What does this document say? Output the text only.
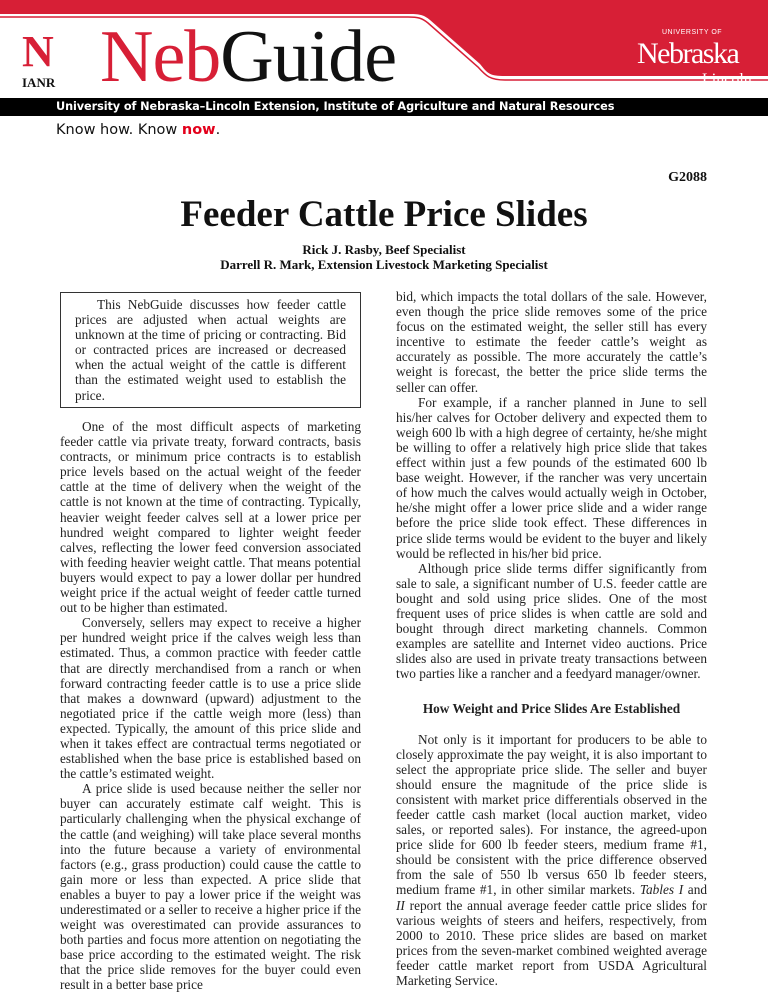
N
IANR NebGuide	UNIVERSITY OF
Nebraska
Lincoln
University of Nebraska–Lincoln Extension, Institute of Agriculture and Natural Resources
Know how. Know now.
G2088
Feeder Cattle Price Slides
Rick J. Rasby, Beef Specialist
Darrell R. Mark, Extension Livestock Marketing Specialist

This NebGuide discusses how feeder cattle prices are adjusted when actual weights are unknown at the time of pricing or contracting. Bid or contracted prices are increased or decreased when the actual weight of the cattle is different than the estimated weight used to establish the price.

One of the most difficult aspects of marketing feeder cattle via private treaty, forward contracts, basis contracts, or minimum price contracts is to establish price levels based on the actual weight of the feeder cattle at the time of delivery when the weight of the cattle is not known at the time of contracting. Typically, heavier weight feeder calves sell at a lower price per hundred weight compared to lighter weight feeder calves, reflecting the lower feed conversion associated with feeding heavier weight cattle. That means potential buyers would expect to pay a lower dollar per hundred weight price if the actual weight of feeder cattle turned out to be higher than estimated.

Conversely, sellers may expect to receive a higher per hundred weight price if the calves weigh less than estimated. Thus, a common practice with feeder cattle that are directly merchandised from a ranch or when forward contracting feeder cattle is to use a price slide that makes a downward (upward) adjustment to the negotiated price if the cattle weigh more (less) than expected. Typically, the amount of this price slide and when it takes effect are contractual terms negotiated or established when the base price is established based on the cattle’s estimated weight.

A price slide is used because neither the seller nor buyer can accurately estimate calf weight. This is particularly challenging when the physical exchange of the cattle (and weighing) will take place several months into the future because a variety of environmental factors (e.g., grass production) could cause the cattle to gain more or less than expected. A price slide that enables a buyer to pay a lower price if the weight was underestimated or a seller to receive a higher price if the weight was overestimated can provide assurances to both parties and focus more attention on negotiating the base price according to the estimated weight. The risk that the price slide removes for the buyer could even result in a better base price

bid, which impacts the total dollars of the sale. However, even though the price slide removes some of the price focus on the estimated weight, the seller still has every incentive to estimate the feeder cattle’s weight as accurately as possible. The more accurately the cattle’s weight is forecast, the better the price slide terms the seller can offer.

For example, if a rancher planned in June to sell his/her calves for October delivery and expected them to weigh 600 lb with a high degree of certainty, he/she might be willing to offer a relatively high price slide that takes effect within just a few pounds of the estimated 600 lb base weight. However, if the rancher was very uncertain of how much the calves would actually weigh in October, he/she might offer a lower price slide and a wider range before the price slide took effect. These differences in price slide terms would be evident to the buyer and likely would be reflected in his/her bid price.

Although price slide terms differ significantly from sale to sale, a significant number of U.S. feeder cattle are bought and sold using price slides. One of the most frequent uses of price slides is when cattle are sold and bought through direct marketing channels. Common examples are satellite and Internet video auctions. Price slides also are used in private treaty transactions between two parties like a rancher and a feedyard manager/owner.

How Weight and Price Slides Are Established

Not only is it important for producers to be able to closely approximate the pay weight, it is also important to select the appropriate price slide. The seller and buyer should ensure the magnitude of the price slide is consistent with market price differentials observed in the feeder cattle cash market (local auction market, video sales, or reported sales). For instance, the agreed-upon price slide for 600 lb feeder steers, medium frame #1, should be consistent with the price difference observed from the sale of 550 lb versus 650 lb feeder steers, medium frame #1, in other similar markets. Tables I and II report the annual average feeder cattle price slides for various weights of steers and heifers, respectively, from 2000 to 2010. These price slides are based on market prices from the seven-market combined weighted average feeder cattle market report from USDA Agricultural Marketing Service.
